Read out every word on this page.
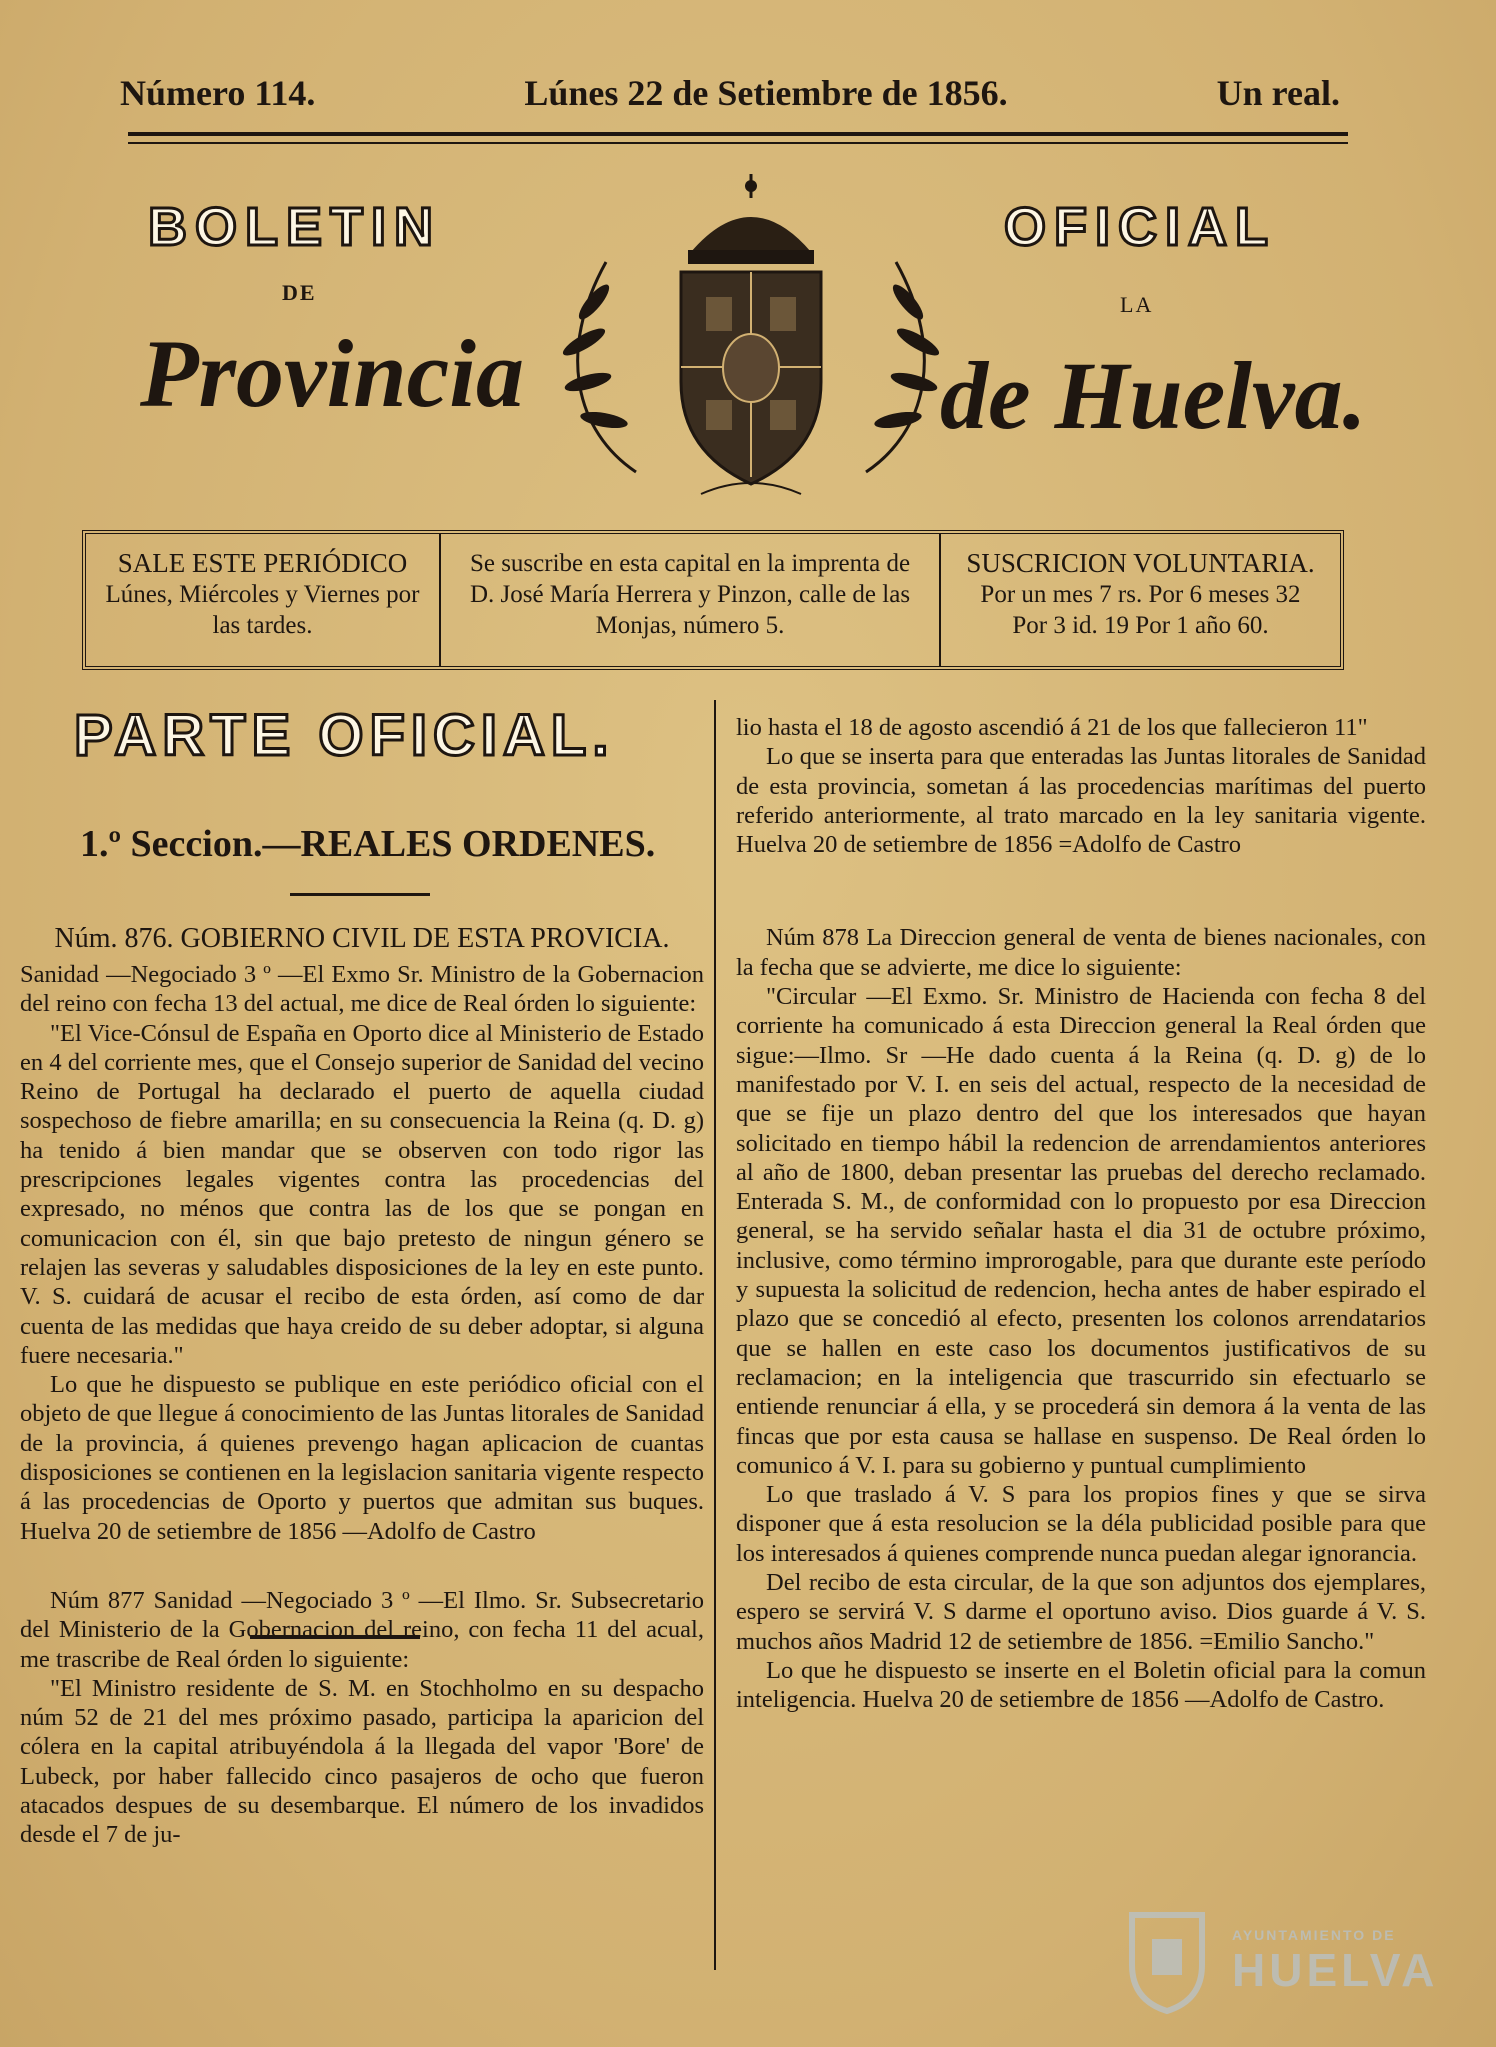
Número 114.	Lúnes 22 de Setiembre de 1856.	Un real.
BOLETIN
DE
OFICIAL
LA
Provincia	de Huelva.
SALE ESTE PERIÓDICO
Lúnes, Miércoles y Viernes por las tardes.
Se suscribe en esta capital en la imprenta de D. José María Herrera y Pinzon, calle de las Monjas, número 5.
SUSCRICION VOLUNTARIA.
Por un mes 7 rs. Por 6 meses 32
Por 3 id. 19 Por 1 año 60.
PARTE OFICIAL.
1.º Seccion.—REALES ORDENES.

Núm. 876. GOBIERNO CIVIL DE ESTA PROVICIA.

Sanidad —Negociado 3 º —El Exmo Sr. Ministro de la Gobernacion del reino con fecha 13 del actual, me dice de Real órden lo siguiente:

"El Vice-Cónsul de España en Oporto dice al Ministerio de Estado en 4 del corriente mes, que el Consejo superior de Sanidad del vecino Reino de Portugal ha declarado el puerto de aquella ciudad sospechoso de fiebre amarilla; en su consecuencia la Reina (q. D. g) ha tenido á bien mandar que se observen con todo rigor las prescripciones legales vigentes contra las procedencias del expresado, no ménos que contra las de los que se pongan en comunicacion con él, sin que bajo pretesto de ningun género se relajen las severas y saludables disposiciones de la ley en este punto. V. S. cuidará de acusar el recibo de esta órden, así como de dar cuenta de las medidas que haya creido de su deber adoptar, si alguna fuere necesaria."

Lo que he dispuesto se publique en este periódico oficial con el objeto de que llegue á conocimiento de las Juntas litorales de Sanidad de la provincia, á quienes prevengo hagan aplicacion de cuantas disposiciones se contienen en la legislacion sanitaria vigente respecto á las procedencias de Oporto y puertos que admitan sus buques. Huelva 20 de setiembre de 1856 —Adolfo de Castro

Núm 877 Sanidad —Negociado 3 º —El Ilmo. Sr. Subsecretario del Ministerio de la Gobernacion del reino, con fecha 11 del acual, me trascribe de Real órden lo siguiente:

"El Ministro residente de S. M. en Stochholmo en su despacho núm 52 de 21 del mes próximo pasado, participa la aparicion del cólera en la capital atribuyéndola á la llegada del vapor 'Bore' de Lubeck, por haber fallecido cinco pasajeros de ocho que fueron atacados despues de su desembarque. El número de los invadidos desde el 7 de ju-

lio hasta el 18 de agosto ascendió á 21 de los que fallecieron 11"

Lo que se inserta para que enteradas las Juntas litorales de Sanidad de esta provincia, sometan á las procedencias marítimas del puerto referido anteriormente, al trato marcado en la ley sanitaria vigente. Huelva 20 de setiembre de 1856 =Adolfo de Castro

Núm 878 La Direccion general de venta de bienes nacionales, con la fecha que se advierte, me dice lo siguiente:

"Circular —El Exmo. Sr. Ministro de Hacienda con fecha 8 del corriente ha comunicado á esta Direccion general la Real órden que sigue:—Ilmo. Sr —He dado cuenta á la Reina (q. D. g) de lo manifestado por V. I. en seis del actual, respecto de la necesidad de que se fije un plazo dentro del que los interesados que hayan solicitado en tiempo hábil la redencion de arrendamientos anteriores al año de 1800, deban presentar las pruebas del derecho reclamado. Enterada S. M., de conformidad con lo propuesto por esa Direccion general, se ha servido señalar hasta el dia 31 de octubre próximo, inclusive, como término improrogable, para que durante este período y supuesta la solicitud de redencion, hecha antes de haber espirado el plazo que se concedió al efecto, presenten los colonos arrendatarios que se hallen en este caso los documentos justificativos de su reclamacion; en la inteligencia que trascurrido sin efectuarlo se entiende renunciar á ella, y se procederá sin demora á la venta de las fincas que por esta causa se hallase en suspenso. De Real órden lo comunico á V. I. para su gobierno y puntual cumplimiento

Lo que traslado á V. S para los propios fines y que se sirva disponer que á esta resolucion se la déla publicidad posible para que los interesados á quienes comprende nunca puedan alegar ignorancia.

Del recibo de esta circular, de la que son adjuntos dos ejemplares, espero se servirá V. S darme el oportuno aviso. Dios guarde á V. S. muchos años Madrid 12 de setiembre de 1856. =Emilio Sancho."

Lo que he dispuesto se inserte en el Boletin oficial para la comun inteligencia. Huelva 20 de setiembre de 1856 —Adolfo de Castro.

AYUNTAMIENTO DE
HUELVA
